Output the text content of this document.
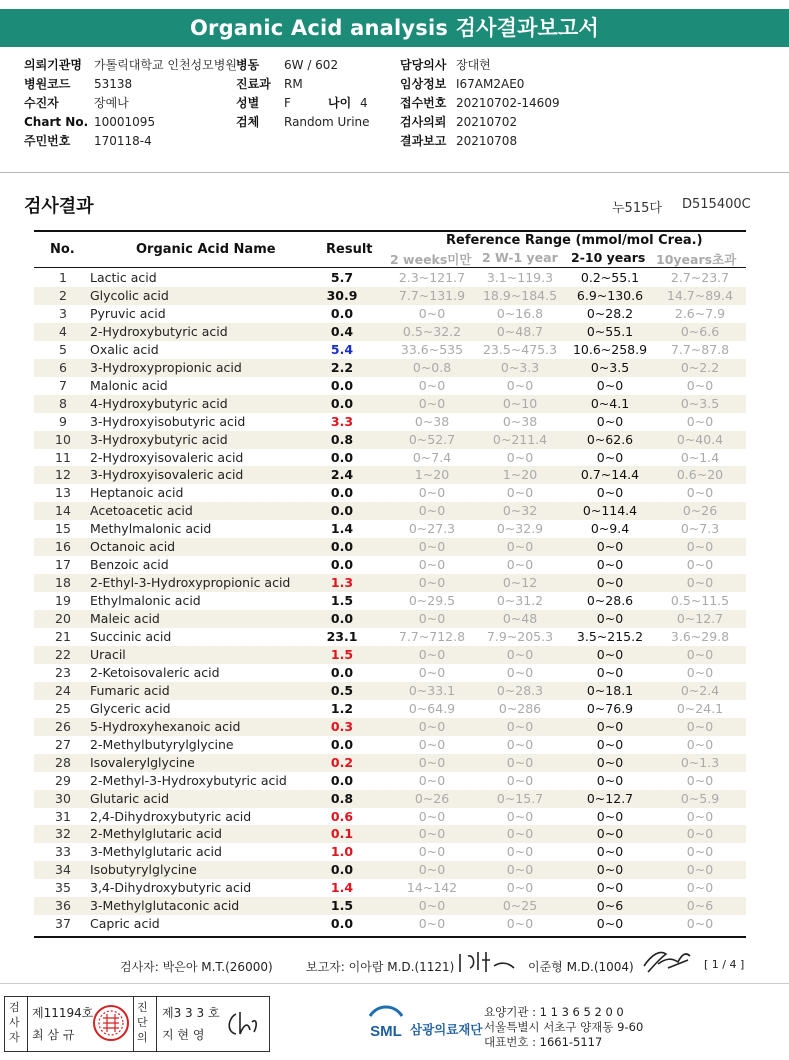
Organic Acid analysis 검사결과보고서
의뢰기관명 가톨릭대학교 인천성모병원
병원코드 53138
수진자	장예나
Chart No. 10001095
주민번호 170118-4
병동 6W / 602
진료과 RM
성별 F
검체 Random Urine
나이 4
담당의사 장대현
임상정보 I67AM2AE0
접수번호 20210702-14609
검사의뢰 20210702
결과보고 20210708
검사결과	누515다 D515400C
No.	Organic Acid Name	Result
Reference Range (mmol/mol Crea.)
2 weeks미만 2 W-1 year 2-10 years 10years초과
1	Lactic acid	5.7	2.3~121.7	3.1~119.3	0.2~55.1	2.7~23.7
2	Glycolic acid	30.9	7.7~131.9	18.9~184.5	6.9~130.6	14.7~89.4
3	Pyruvic acid	0.0	0~0	0~16.8	0~28.2	2.6~7.9
4	2-Hydroxybutyric acid	0.4	0.5~32.2	0~48.7	0~55.1	0~6.6
5	Oxalic acid	5.4	33.6~535	23.5~475.3	10.6~258.9	7.7~87.8
6	3-Hydroxypropionic acid	2.2	0~0.8	0~3.3	0~3.5	0~2.2
7	Malonic acid	0.0	0~0	0~0	0~0	0~0
8	4-Hydroxybutyric acid	0.0	0~0	0~10	0~4.1	0~3.5
9	3-Hydroxyisobutyric acid	3.3	0~38	0~38	0~0	0~0
10	3-Hydroxybutyric acid	0.8	0~52.7	0~211.4	0~62.6	0~40.4
11	2-Hydroxyisovaleric acid	0.0	0~7.4	0~0	0~0	0~1.4
12	3-Hydroxyisovaleric acid	2.4	1~20	1~20	0.7~14.4	0.6~20
13	Heptanoic acid	0.0	0~0	0~0	0~0	0~0
14	Acetoacetic acid	0.0	0~0	0~32	0~114.4	0~26
15	Methylmalonic acid	1.4	0~27.3	0~32.9	0~9.4	0~7.3
16	Octanoic acid	0.0	0~0	0~0	0~0	0~0
17	Benzoic acid	0.0	0~0	0~0	0~0	0~0
18	2-Ethyl-3-Hydroxypropionic acid	1.3	0~0	0~12	0~0	0~0
19	Ethylmalonic acid	1.5	0~29.5	0~31.2	0~28.6	0.5~11.5
20	Maleic acid	0.0	0~0	0~48	0~0	0~12.7
21	Succinic acid	23.1	7.7~712.8	7.9~205.3	3.5~215.2	3.6~29.8
22	Uracil	1.5	0~0	0~0	0~0	0~0
23	2-Ketoisovaleric acid	0.0	0~0	0~0	0~0	0~0
24	Fumaric acid	0.5	0~33.1	0~28.3	0~18.1	0~2.4
25	Glyceric acid	1.2	0~64.9	0~286	0~76.9	0~24.1
26	5-Hydroxyhexanoic acid	0.3	0~0	0~0	0~0	0~0
27	2-Methylbutyrylglycine	0.0	0~0	0~0	0~0	0~0
28	Isovalerylglycine	0.2	0~0	0~0	0~0	0~1.3
29	2-Methyl-3-Hydroxybutyric acid	0.0	0~0	0~0	0~0	0~0
30	Glutaric acid	0.8	0~26	0~15.7	0~12.7	0~5.9
31	2,4-Dihydroxybutyric acid	0.6	0~0	0~0	0~0	0~0
32	2-Methylglutaric acid	0.1	0~0	0~0	0~0	0~0
33	3-Methylglutaric acid	1.0	0~0	0~0	0~0	0~0
34	Isobutyrylglycine	0.0	0~0	0~0	0~0	0~0
35	3,4-Dihydroxybutyric acid	1.4	14~142	0~0	0~0	0~0
36	3-Methylglutaconic acid	1.5	0~0	0~25	0~6	0~6
37	Capric acid	0.0	0~0	0~0	0~0	0~0
검사자: 박은아 M.T.(26000)	보고자: 이아람 M.D.(1121)	이준형 M.D.(1004)	[ 1 / 4 ]
검사자
제11194호
최 삼 규
진단의
제3 3 3 호
지 현 영	SML 삼광의료재단
요양기관 : 1 1 3 6 5 2 0 0
서울특별시 서초구 양재동 9-60
대표번호 : 1661-5117
